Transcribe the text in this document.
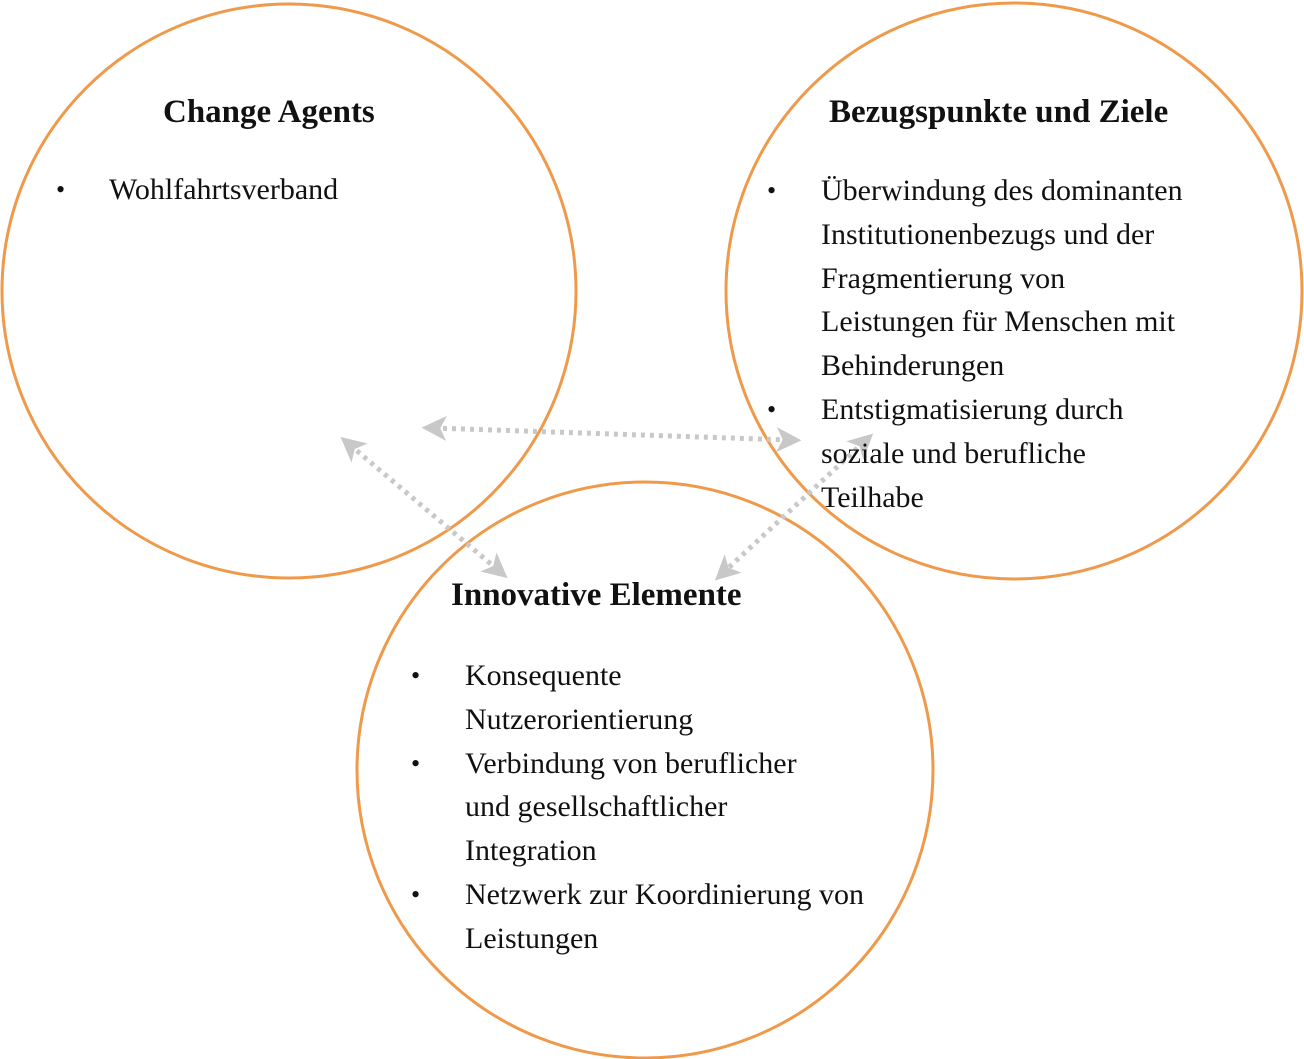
Change Agents
•	Wohlfahrtsverband
Bezugspunkte und Ziele
•	Überwindung des dominanten Institutionenbezugs und der Fragmentierung von Leistungen für Menschen mit Behinderungen
•	Entstigmatisierung durch soziale und berufliche Teilhabe
Innovative Elemente
•	Konsequente Nutzerorientierung
•	Verbindung von beruflicher und gesellschaftlicher Integration
•	Netzwerk zur Koordinierung von Leistungen
